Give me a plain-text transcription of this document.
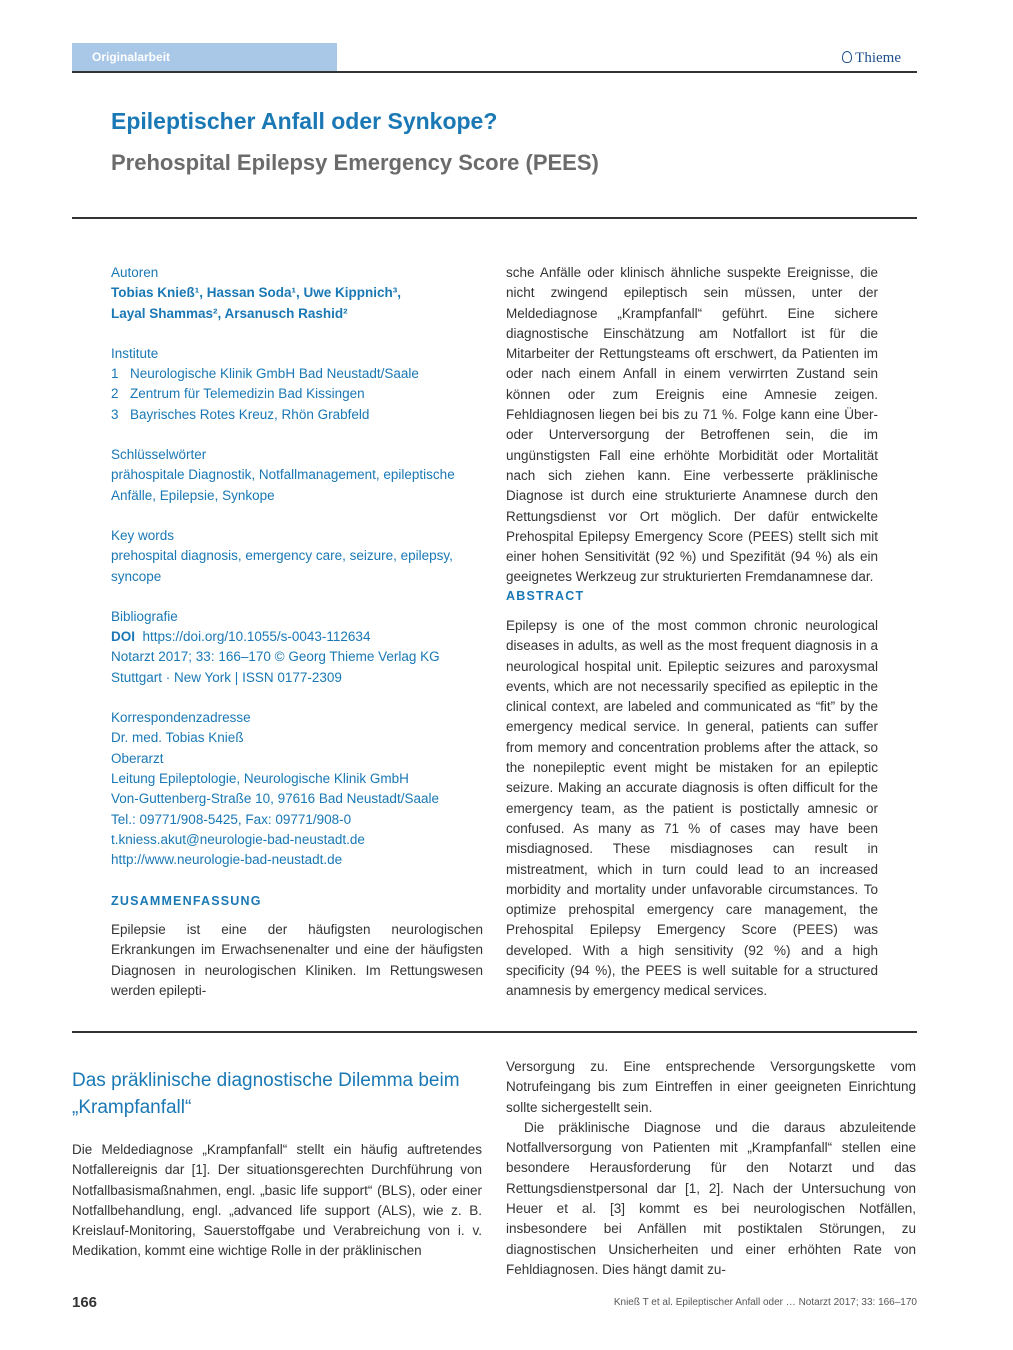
Originalarbeit	Thieme
Epileptischer Anfall oder Synkope?
Prehospital Epilepsy Emergency Score (PEES)
Autoren
Tobias Knieß¹, Hassan Soda¹, Uwe Kippnich³,
Layal Shammas², Arsanusch Rashid²
Institute
1 Neurologische Klinik GmbH Bad Neustadt/Saale
2 Zentrum für Telemedizin Bad Kissingen
3 Bayrisches Rotes Kreuz, Rhön Grabfeld
Schlüsselwörter
prähospitale Diagnostik, Notfallmanagement, epileptische Anfälle, Epilepsie, Synkope
Key words
prehospital diagnosis, emergency care, seizure, epilepsy, syncope
Bibliografie
DOI https://doi.org/10.1055/s-0043-112634
Notarzt 2017; 33: 166–170 © Georg Thieme Verlag KG Stuttgart · New York | ISSN 0177-2309
Korrespondenzadresse
Dr. med. Tobias Knieß
Oberarzt
Leitung Epileptologie, Neurologische Klinik GmbH
Von-Guttenberg-Straße 10, 97616 Bad Neustadt/Saale
Tel.: 09771/908-5425, Fax: 09771/908-0
t.kniess.akut@neurologie-bad-neustadt.de
http://www.neurologie-bad-neustadt.de
ZUSAMMENFASSUNG
Epilepsie ist eine der häufigsten neurologischen Erkrankungen im Erwachsenenalter und eine der häufigsten Diagnosen in neurologischen Kliniken. Im Rettungswesen werden epilepti-
sche Anfälle oder klinisch ähnliche suspekte Ereignisse, die nicht zwingend epileptisch sein müssen, unter der Meldediagnose „Krampfanfall“ geführt. Eine sichere diagnostische Einschätzung am Notfallort ist für die Mitarbeiter der Rettungsteams oft erschwert, da Patienten im oder nach einem Anfall in einem verwirrten Zustand sein können oder zum Ereignis eine Amnesie zeigen. Fehldiagnosen liegen bei bis zu 71 %. Folge kann eine Über- oder Unterversorgung der Betroffenen sein, die im ungünstigsten Fall eine erhöhte Morbidität oder Mortalität nach sich ziehen kann. Eine verbesserte präklinische Diagnose ist durch eine strukturierte Anamnese durch den Rettungsdienst vor Ort möglich. Der dafür entwickelte Prehospital Epilepsy Emergency Score (PEES) stellt sich mit einer hohen Sensitivität (92 %) und Spezifität (94 %) als ein geeignetes Werkzeug zur strukturierten Fremdanamnese dar.
ABSTRACT
Epilepsy is one of the most common chronic neurological diseases in adults, as well as the most frequent diagnosis in a neurological hospital unit. Epileptic seizures and paroxysmal events, which are not necessarily specified as epileptic in the clinical context, are labeled and communicated as “fit” by the emergency medical service. In general, patients can suffer from memory and concentration problems after the attack, so the nonepileptic event might be mistaken for an epileptic seizure. Making an accurate diagnosis is often difficult for the emergency team, as the patient is postictally amnesic or confused. As many as 71 % of cases may have been misdiagnosed. These misdiagnoses can result in mistreatment, which in turn could lead to an increased morbidity and mortality under unfavorable circumstances. To optimize prehospital emergency care management, the Prehospital Epilepsy Emergency Score (PEES) was developed. With a high sensitivity (92 %) and a high specificity (94 %), the PEES is well suitable for a structured anamnesis by emergency medical services.
Das präklinische diagnostische Dilemma beim „Krampfanfall“
Die Meldediagnose „Krampfanfall“ stellt ein häufig auftretendes Notfallereignis dar [1]. Der situationsgerechten Durchführung von Notfallbasismaßnahmen, engl. „basic life support“ (BLS), oder einer Notfallbehandlung, engl. „advanced life support (ALS), wie z. B. Kreislauf-Monitoring, Sauerstoffgabe und Verabreichung von i. v. Medikation, kommt eine wichtige Rolle in der präklinischen

Versorgung zu. Eine entsprechende Versorgungskette vom Notrufeingang bis zum Eintreffen in einer geeigneten Einrichtung sollte sichergestellt sein.

Die präklinische Diagnose und die daraus abzuleitende Notfallversorgung von Patienten mit „Krampfanfall“ stellen eine besondere Herausforderung für den Notarzt und das Rettungsdienstpersonal dar [1, 2]. Nach der Untersuchung von Heuer et al. [3] kommt es bei neurologischen Notfällen, insbesondere bei Anfällen mit postiktalen Störungen, zu diagnostischen Unsicherheiten und einer erhöhten Rate von Fehldiagnosen. Dies hängt damit zu-

166	Knieß T et al. Epileptischer Anfall oder … Notarzt 2017; 33: 166–170
